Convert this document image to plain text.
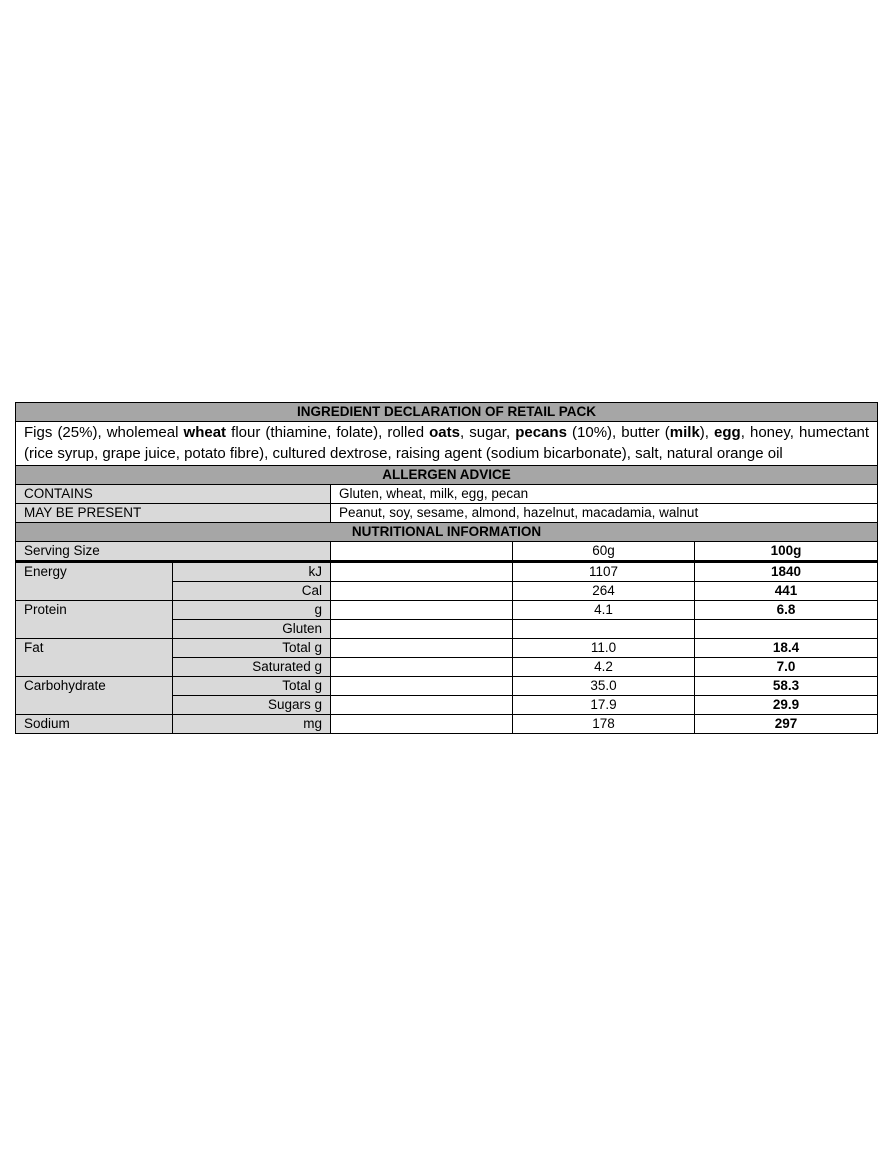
INGREDIENT DECLARATION OF RETAIL PACK				
Figs (25%), wholemeal wheat flour (thiamine, folate), rolled oats, sugar, pecans (10%), butter (milk), egg, honey, humectant (rice syrup, grape juice, potato fibre), cultured dextrose, raising agent (sodium bicarbonate), salt, natural orange oil				
ALLERGEN ADVICE				
CONTAINS		Gluten, wheat, milk, egg, pecan		
MAY BE PRESENT		Peanut, soy, sesame, almond, hazelnut, macadamia, walnut		
NUTRITIONAL INFORMATION				
Serving Size			60g	100g
Energy	kJ		1107	1840
	Cal		264	441
Protein	g		4.1	6.8
	Gluten			
Fat	Total g		11.0	18.4
	Saturated g		4.2	7.0
Carbohydrate	Total g		35.0	58.3
	Sugars g		17.9	29.9
Sodium	mg		178	297
